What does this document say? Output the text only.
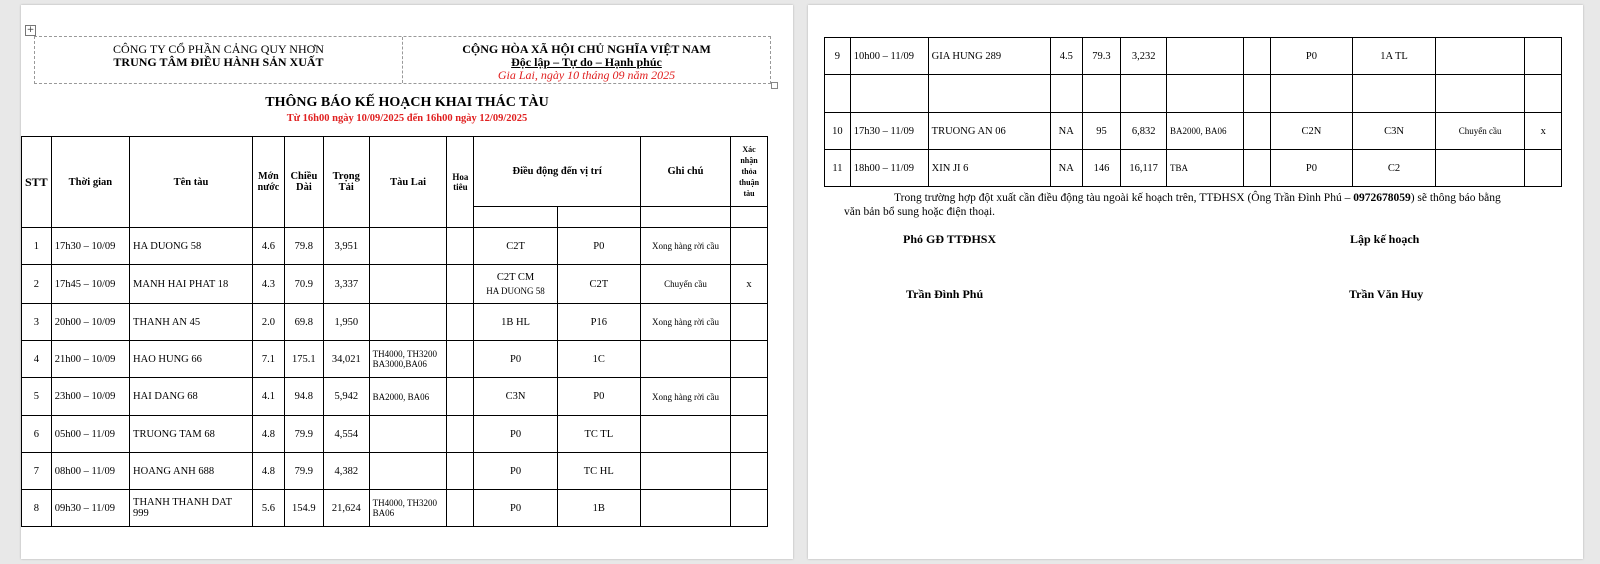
+
CÔNG TY CỔ PHẦN CẢNG QUY NHƠN
TRUNG TÂM ĐIỀU HÀNH SẢN XUẤT
CỘNG HÒA XÃ HỘI CHỦ NGHĨA VIỆT NAM
Độc lập – Tự do – Hạnh phúc
Gia Lai, ngày 10 tháng 09 năm 2025
THÔNG BÁO KẾ HOẠCH KHAI THÁC TÀU
Từ 16h00 ngày 10/09/2025 đến 16h00 ngày 12/09/2025
STT	Thời gian	Tên tàu	Mớn nước	Chiều Dài	Trọng Tải	Tàu Lai	Hoa tiêu	Điều động đến vị trí		Ghi chú	Xác nhận thỏa thuận tàu

1	17h30 – 10/09	HA DUONG 58	4.6	79.8	3,951			C2T	P0	Xong hàng rời cầu	
2	17h45 – 10/09	MANH HAI PHAT 18	4.3	70.9	3,337			C2T CM
HA DUONG 58	C2T	Chuyển cầu	x
3	20h00 – 10/09	THANH AN 45	2.0	69.8	1,950			1B HL	P16	Xong hàng rời cầu	
4	21h00 – 10/09	HAO HUNG 66	7.1	175.1	34,021	TH4000, TH3200 BA3000,BA06		P0	1C		
5	23h00 – 10/09	HAI DANG 68	4.1	94.8	5,942	BA2000, BA06		C3N	P0	Xong hàng rời cầu	
6	05h00 – 11/09	TRUONG TAM 68	4.8	79.9	4,554			P0	TC TL		
7	08h00 – 11/09	HOANG ANH 688	4.8	79.9	4,382			P0	TC HL		
8	09h30 – 11/09	THANH THANH DAT 999	5.6	154.9	21,624	TH4000, TH3200 BA06		P0	1B		
9	10h00 – 11/09	GIA HUNG 289	4.5	79.3	3,232			P0	1A TL		

10	17h30 – 11/09	TRUONG AN 06	NA	95	6,832	BA2000, BA06		C2N	C3N	Chuyển cầu	x
11	18h00 – 11/09	XIN JI 6	NA	146	16,117	TBA		P0	C2		
Trong trường hợp đột xuất cần điều động tàu ngoài kế hoạch trên, TTĐHSX (Ông Trần Đình Phú – 0972678059) sẽ thông báo bằng
văn bản bổ sung hoặc điện thoại.
Phó GĐ TTĐHSX	Lập kế hoạch
Trần Đình Phú	Trần Văn Huy
